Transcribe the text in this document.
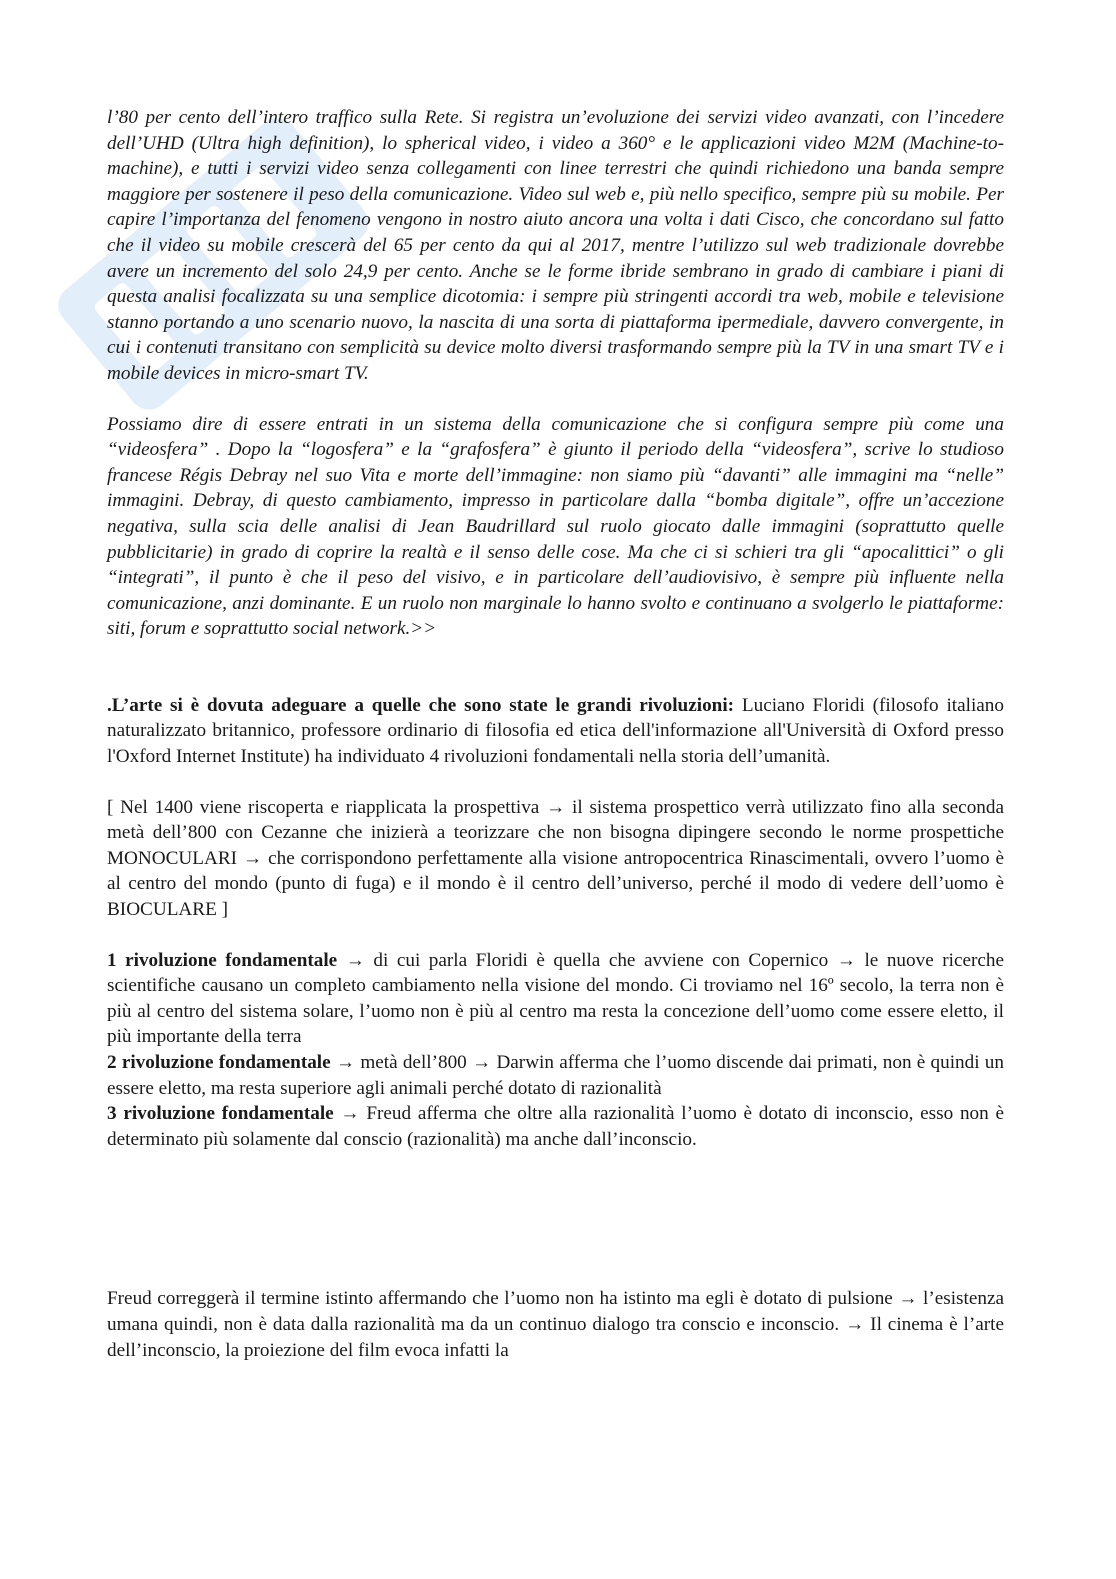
l’80 per cento dell’intero traffico sulla Rete. Si registra un’evoluzione dei servizi video avanzati, con l’incedere dell’UHD (Ultra high definition), lo spherical video, i video a 360° e le applicazioni video M2M (Machine-to-machine), e tutti i servizi video senza collegamenti con linee terrestri che quindi richiedono una banda sempre maggiore per sostenere il peso della comunicazione. Video sul web e, più nello specifico, sempre più su mobile. Per capire l’importanza del fenomeno vengono in nostro aiuto ancora una volta i dati Cisco, che concordano sul fatto che il video su mobile crescerà del 65 per cento da qui al 2017, mentre l’utilizzo sul web tradizionale dovrebbe avere un incremento del solo 24,9 per cento. Anche se le forme ibride sembrano in grado di cambiare i piani di questa analisi focalizzata su una semplice dicotomia: i sempre più stringenti accordi tra web, mobile e televisione stanno portando a uno scenario nuovo, la nascita di una sorta di piattaforma ipermediale, davvero convergente, in cui i contenuti transitano con semplicità su device molto diversi trasformando sempre più la TV in una smart TV e i mobile devices in micro-smart TV.

Possiamo dire di essere entrati in un sistema della comunicazione che si configura sempre più come una “videosfera” . Dopo la “logosfera” e la “grafosfera” è giunto il periodo della “videosfera”, scrive lo studioso francese Régis Debray nel suo Vita e morte dell’immagine: non siamo più “davanti” alle immagini ma “nelle” immagini. Debray, di questo cambiamento, impresso in particolare dalla “bomba digitale”, offre un’accezione negativa, sulla scia delle analisi di Jean Baudrillard sul ruolo giocato dalle immagini (soprattutto quelle pubblicitarie) in grado di coprire la realtà e il senso delle cose. Ma che ci si schieri tra gli “apocalittici” o gli “integrati”, il punto è che il peso del visivo, e in particolare dell’audiovisivo, è sempre più influente nella comunicazione, anzi dominante. E un ruolo non marginale lo hanno svolto e continuano a svolgerlo le piattaforme: siti, forum e soprattutto social network.>>

.L’arte si è dovuta adeguare a quelle che sono state le grandi rivoluzioni: Luciano Floridi (filosofo italiano naturalizzato britannico, professore ordinario di filosofia ed etica dell'informazione all'Università di Oxford presso l'Oxford Internet Institute) ha individuato 4 rivoluzioni fondamentali nella storia dell’umanità.

[ Nel 1400 viene riscoperta e riapplicata la prospettiva → il sistema prospettico verrà utilizzato fino alla seconda metà dell’800 con Cezanne che inizierà a teorizzare che non bisogna dipingere secondo le norme prospettiche MONOCULARI → che corrispondono perfettamente alla visione antropocentrica Rinascimentali, ovvero l’uomo è al centro del mondo (punto di fuga) e il mondo è il centro dell’universo, perché il modo di vedere dell’uomo è BIOCULARE ]

1 rivoluzione fondamentale → di cui parla Floridi è quella che avviene con Copernico → le nuove ricerche scientifiche causano un completo cambiamento nella visione del mondo. Ci troviamo nel 16º secolo, la terra non è più al centro del sistema solare, l’uomo non è più al centro ma resta la concezione dell’uomo come essere eletto, il più importante della terra

2 rivoluzione fondamentale → metà dell’800 → Darwin afferma che l’uomo discende dai primati, non è quindi un essere eletto, ma resta superiore agli animali perché dotato di razionalità

3 rivoluzione fondamentale → Freud afferma che oltre alla razionalità l’uomo è dotato di inconscio, esso non è determinato più solamente dal conscio (razionalità) ma anche dall’inconscio.

Freud correggerà il termine istinto affermando che l’uomo non ha istinto ma egli è dotato di pulsione → l’esistenza umana quindi, non è data dalla razionalità ma da un continuo dialogo tra conscio e inconscio. → Il cinema è l’arte dell’inconscio, la proiezione del film evoca infatti la
